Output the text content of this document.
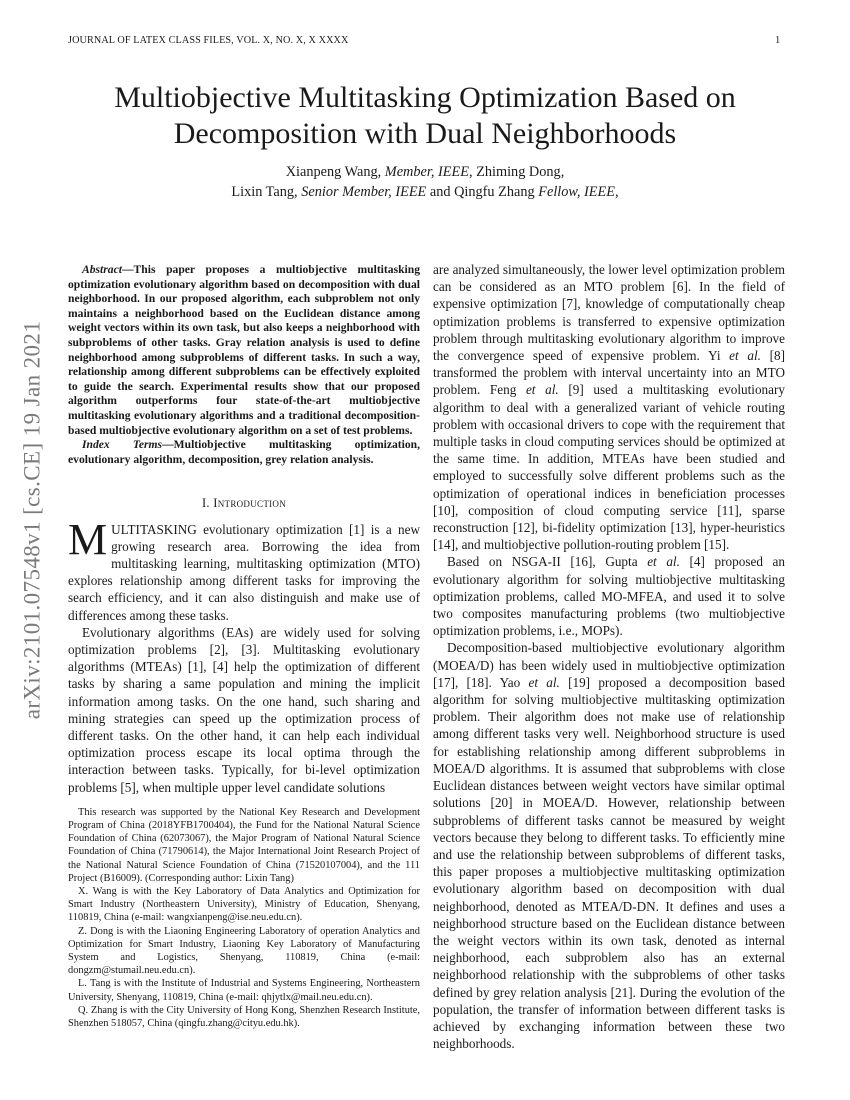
JOURNAL OF LATEX CLASS FILES, VOL. X, NO. X, X XXXX	1
Multiobjective Multitasking Optimization Based on
Decomposition with Dual Neighborhoods
Xianpeng Wang, Member, IEEE, Zhiming Dong,
Lixin Tang, Senior Member, IEEE and Qingfu Zhang Fellow, IEEE,
arXiv:2101.07548v1 [cs.CE] 19 Jan 2021

Abstract—This paper proposes a multiobjective multitasking optimization evolutionary algorithm based on decomposition with dual neighborhood. In our proposed algorithm, each subproblem not only maintains a neighborhood based on the Euclidean distance among weight vectors within its own task, but also keeps a neighborhood with subproblems of other tasks. Gray relation analysis is used to define neighborhood among subproblems of different tasks. In such a way, relationship among different subproblems can be effectively exploited to guide the search. Experimental results show that our proposed algorithm outperforms four state-of-the-art multiobjective multitasking evolutionary algorithms and a traditional decomposition-based multiobjective evolutionary algorithm on a set of test problems.

Index Terms—Multiobjective multitasking optimization, evolutionary algorithm, decomposition, grey relation analysis.

I. Introduction

MULTITASKING evolutionary optimization [1] is a new growing research area. Borrowing the idea from multitasking learning, multitasking optimization (MTO) explores relationship among different tasks for improving the search efficiency, and it can also distinguish and make use of differences among these tasks.

Evolutionary algorithms (EAs) are widely used for solving optimization problems [2], [3]. Multitasking evolutionary algorithms (MTEAs) [1], [4] help the optimization of different tasks by sharing a same population and mining the implicit information among tasks. On the one hand, such sharing and mining strategies can speed up the optimization process of different tasks. On the other hand, it can help each individual optimization process escape its local optima through the interaction between tasks. Typically, for bi-level optimization problems [5], when multiple upper level candidate solutions

This research was supported by the National Key Research and Development Program of China (2018YFB1700404), the Fund for the National Natural Science Foundation of China (62073067), the Major Program of National Natural Science Foundation of China (71790614), the Major International Joint Research Project of the National Natural Science Foundation of China (71520107004), and the 111 Project (B16009). (Corresponding author: Lixin Tang)

X. Wang is with the Key Laboratory of Data Analytics and Optimization for Smart Industry (Northeastern University), Ministry of Education, Shenyang, 110819, China (e-mail: wangxianpeng@ise.neu.edu.cn).

Z. Dong is with the Liaoning Engineering Laboratory of operation Analytics and Optimization for Smart Industry, Liaoning Key Laboratory of Manufacturing System and Logistics, Shenyang, 110819, China (e-mail: dongzm@stumail.neu.edu.cn).

L. Tang is with the Institute of Industrial and Systems Engineering, Northeastern University, Shenyang, 110819, China (e-mail: qhjytlx@mail.neu.edu.cn).

Q. Zhang is with the City University of Hong Kong, Shenzhen Research Institute, Shenzhen 518057, China (qingfu.zhang@cityu.edu.hk).

are analyzed simultaneously, the lower level optimization problem can be considered as an MTO problem [6]. In the field of expensive optimization [7], knowledge of computationally cheap optimization problems is transferred to expensive optimization problem through multitasking evolutionary algorithm to improve the convergence speed of expensive problem. Yi et al. [8] transformed the problem with interval uncertainty into an MTO problem. Feng et al. [9] used a multitasking evolutionary algorithm to deal with a generalized variant of vehicle routing problem with occasional drivers to cope with the requirement that multiple tasks in cloud computing services should be optimized at the same time. In addition, MTEAs have been studied and employed to successfully solve different problems such as the optimization of operational indices in beneficiation processes [10], composition of cloud computing service [11], sparse reconstruction [12], bi-fidelity optimization [13], hyper-heuristics [14], and multiobjective pollution-routing problem [15].

Based on NSGA-II [16], Gupta et al. [4] proposed an evolutionary algorithm for solving multiobjective multitasking optimization problems, called MO-MFEA, and used it to solve two composites manufacturing problems (two multiobjective optimization problems, i.e., MOPs).

Decomposition-based multiobjective evolutionary algorithm (MOEA/D) has been widely used in multiobjective optimization [17], [18]. Yao et al. [19] proposed a decomposition based algorithm for solving multiobjective multitasking optimization problem. Their algorithm does not make use of relationship among different tasks very well. Neighborhood structure is used for establishing relationship among different subproblems in MOEA/D algorithms. It is assumed that subproblems with close Euclidean distances between weight vectors have similar optimal solutions [20] in MOEA/D. However, relationship between subproblems of different tasks cannot be measured by weight vectors because they belong to different tasks. To efficiently mine and use the relationship between subproblems of different tasks, this paper proposes a multiobjective multitasking optimization evolutionary algorithm based on decomposition with dual neighborhood, denoted as MTEA/D-DN. It defines and uses a neighborhood structure based on the Euclidean distance between the weight vectors within its own task, denoted as internal neighborhood, each subproblem also has an external neighborhood relationship with the subproblems of other tasks defined by grey relation analysis [21]. During the evolution of the population, the transfer of information between different tasks is achieved by exchanging information between these two neighborhoods.
